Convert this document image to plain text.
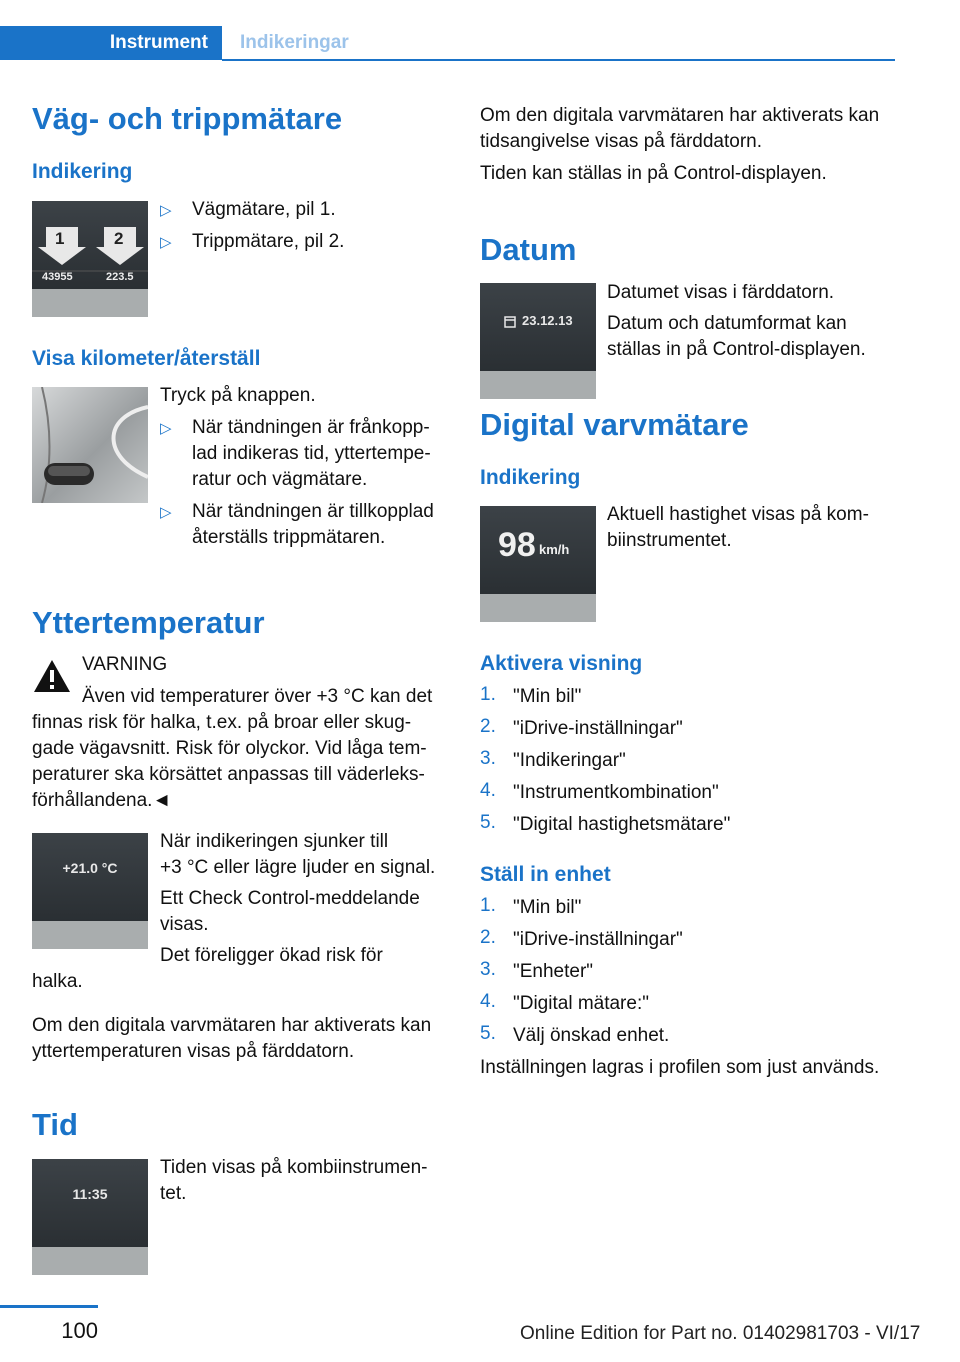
Instrument	Indikeringar
Väg- och trippmätare
Indikering
1	2
43955	223.5
▷ Vägmätare, pil 1.
▷ Trippmätare, pil 2.
Visa kilometer/återställ
Tryck på knappen.
▷ När tändningen är frånkopp-
lad indikeras tid, yttertempe-
ratur och vägmätare.
▷ När tändningen är tillkopplad
återställs trippmätaren.
Yttertemperatur
VARNING
Även vid temperaturer över +3 °C kan det
finnas risk för halka, t.ex. på broar eller skug-
gade vägavsnitt. Risk för olyckor. Vid låga tem-
peraturer ska körsättet anpassas till väderleks-
förhållandena.◄
+21.0 °C
När indikeringen sjunker till
+3 °C eller lägre ljuder en signal.
Ett Check Control-meddelande
visas.
Det föreligger ökad risk för
halka.
Om den digitala varvmätaren har aktiverats kan
yttertemperaturen visas på färddatorn.
Tid
11:35
Tiden visas på kombiinstrumen-
tet.
Om den digitala varvmätaren har aktiverats kan
tidsangivelse visas på färddatorn.
Tiden kan ställas in på Control-displayen.
Datum
23.12.13
Datumet visas i färddatorn.
Datum och datumformat kan
ställas in på Control-displayen.
Digital varvmätare
Indikering
98 km/h
Aktuell hastighet visas på kom-
biinstrumentet.
Aktivera visning
1. "Min bil"
2. "iDrive-inställningar"
3. "Indikeringar"
4. "Instrumentkombination"
5. "Digital hastighetsmätare"
Ställ in enhet
1. "Min bil"
2. "iDrive-inställningar"
3. "Enheter"
4. "Digital mätare:"
5. Välj önskad enhet.
Inställningen lagras i profilen som just används.
100	Online Edition for Part no. 01402981703 - VI/17
